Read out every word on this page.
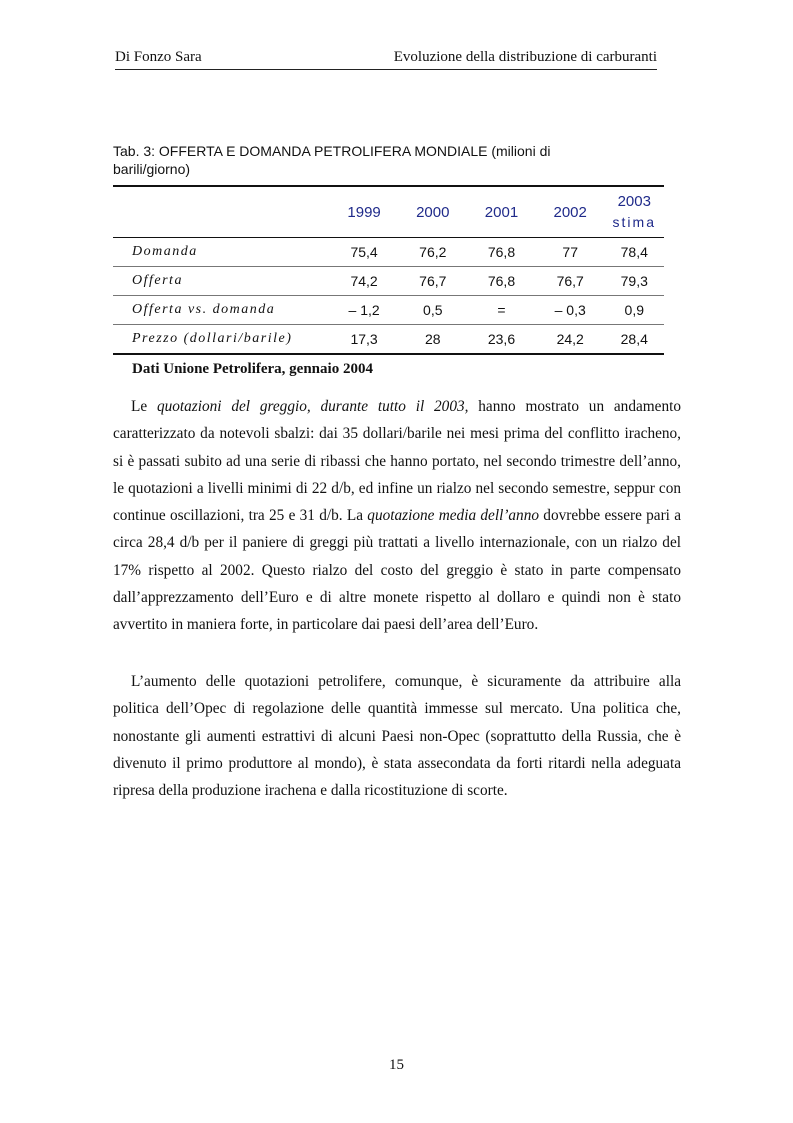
Di Fonzo Sara	Evoluzione della distribuzione di carburanti
Tab. 3: OFFERTA E DOMANDA PETROLIFERA MONDIALE (milioni di barili/giorno)
	1999	2000	2001	2002	2003
stima
Domanda	75,4	76,2	76,8	77	78,4
Offerta	74,2	76,7	76,8	76,7	79,3
Offerta vs. domanda	– 1,2	0,5	=	– 0,3	0,9
Prezzo (dollari/barile)	17,3	28	23,6	24,2	28,4
Dati Unione Petrolifera, gennaio 2004

Le quotazioni del greggio, durante tutto il 2003, hanno mostrato un andamento caratterizzato da notevoli sbalzi: dai 35 dollari/barile nei mesi prima del conflitto iracheno, si è passati subito ad una serie di ribassi che hanno portato, nel secondo trimestre dell’anno, le quotazioni a livelli minimi di 22 d/b, ed infine un rialzo nel secondo semestre, seppur con continue oscillazioni, tra 25 e 31 d/b. La quotazione media dell’anno dovrebbe essere pari a circa 28,4 d/b per il paniere di greggi più trattati a livello internazionale, con un rialzo del 17% rispetto al 2002. Questo rialzo del costo del greggio è stato in parte compensato dall’apprezzamento dell’Euro e di altre monete rispetto al dollaro e quindi non è stato avvertito in maniera forte, in particolare dai paesi dell’area dell’Euro.

L’aumento delle quotazioni petrolifere, comunque, è sicuramente da attribuire alla politica dell’Opec di regolazione delle quantità immesse sul mercato. Una politica che, nonostante gli aumenti estrattivi di alcuni Paesi non-Opec (soprattutto della Russia, che è divenuto il primo produttore al mondo), è stata assecondata da forti ritardi nella adeguata ripresa della produzione irachena e dalla ricostituzione di scorte.

15
